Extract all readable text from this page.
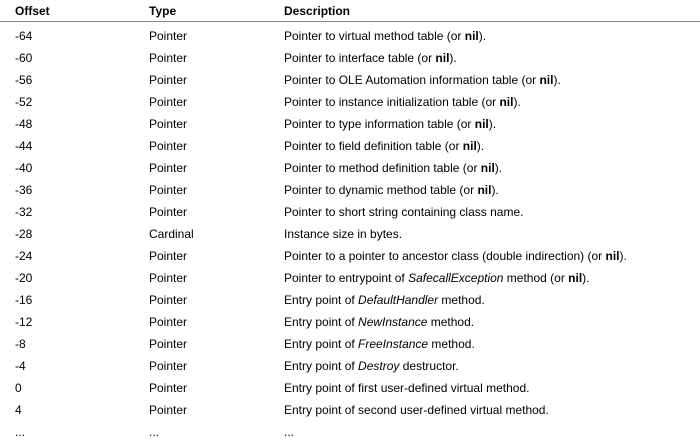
Offset	Type	Description
-64	Pointer	Pointer to virtual method table (or nil).
-60	Pointer	Pointer to interface table (or nil).
-56	Pointer	Pointer to OLE Automation information table (or nil).
-52	Pointer	Pointer to instance initialization table (or nil).
-48	Pointer	Pointer to type information table (or nil).
-44	Pointer	Pointer to field definition table (or nil).
-40	Pointer	Pointer to method definition table (or nil).
-36	Pointer	Pointer to dynamic method table (or nil).
-32	Pointer	Pointer to short string containing class name.
-28	Cardinal	Instance size in bytes.
-24	Pointer	Pointer to a pointer to ancestor class (double indirection) (or nil).
-20	Pointer	Pointer to entrypoint of SafecallException method (or nil).
-16	Pointer	Entry point of DefaultHandler method.
-12	Pointer	Entry point of NewInstance method.
-8	Pointer	Entry point of FreeInstance method.
-4	Pointer	Entry point of Destroy destructor.
0	Pointer	Entry point of first user-defined virtual method.
4	Pointer	Entry point of second user-defined virtual method.
...	...	...
